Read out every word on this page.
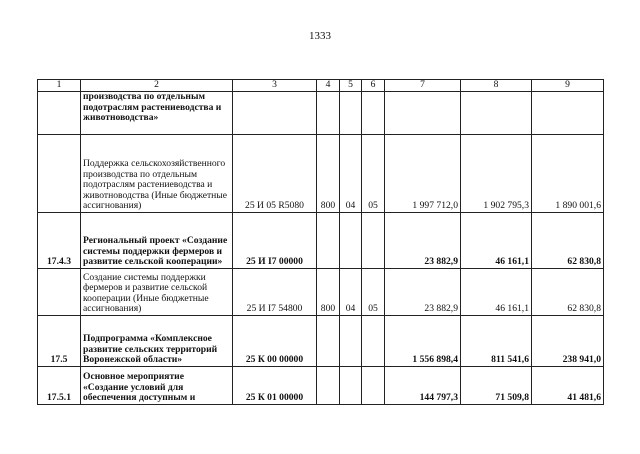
1333
1	2	3	4	5	6	7	8	9
	производства по отдельным подотраслям растениеводства и животноводства»							
	Поддержка сельскохозяйственного производства по отдельным подотраслям растениеводства и животноводства (Иные бюджетные ассигнования)	25 И 05 R5080	800	04	05	1 997 712,0	1 902 795,3	1 890 001,6
17.4.3	Региональный проект «Создание системы поддержки фермеров и развитие сельской кооперации»	25 И I7 00000				23 882,9	46 161,1	62 830,8
	Создание системы поддержки фермеров и развитие сельской кооперации (Иные бюджетные ассигнования)	25 И I7 54800	800	04	05	23 882,9	46 161,1	62 830,8
17.5	Подпрограмма «Комплексное развитие сельских территорий Воронежской области»	25 К 00 00000				1 556 898,4	811 541,6	238 941,0
17.5.1	Основное мероприятие «Создание условий для обеспечения доступным и	25 К 01 00000				144 797,3	71 509,8	41 481,6
